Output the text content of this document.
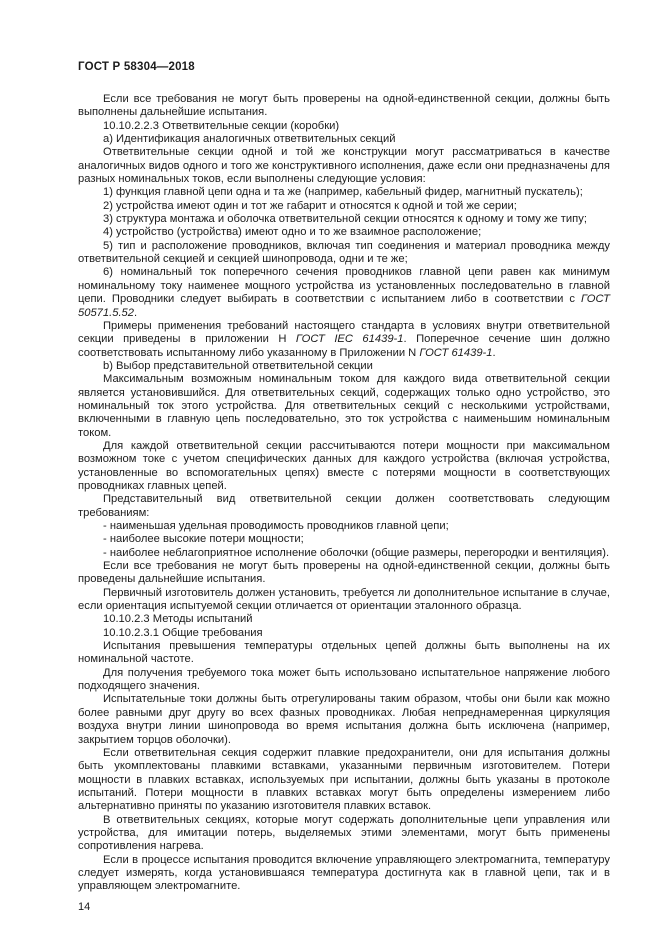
ГОСТ Р 58304—2018

Если все требования не могут быть проверены на одной-единственной секции, должны быть выполнены дальнейшие испытания.

10.10.2.2.3 Ответвительные секции (коробки)

а) Идентификация аналогичных ответвительных секций

Ответвительные секции одной и той же конструкции могут рассматриваться в качестве аналогичных видов одного и того же конструктивного исполнения, даже если они предназначены для разных номинальных токов, если выполнены следующие условия:

1) функция главной цепи одна и та же (например, кабельный фидер, магнитный пускатель);

2) устройства имеют один и тот же габарит и относятся к одной и той же серии;

3) структура монтажа и оболочка ответвительной секции относятся к одному и тому же типу;

4) устройство (устройства) имеют одно и то же взаимное расположение;

5) тип и расположение проводников, включая тип соединения и материал проводника между ответвительной секцией и секцией шинопровода, одни и те же;

6) номинальный ток поперечного сечения проводников главной цепи равен как минимум номинальному току наименее мощного устройства из установленных последовательно в главной цепи. Проводники следует выбирать в соответствии с испытанием либо в соответствии с ГОСТ 50571.5.52.

Примеры применения требований настоящего стандарта в условиях внутри ответвительной секции приведены в приложении Н ГОСТ IEC 61439-1. Поперечное сечение шин должно соответствовать испытанному либо указанному в Приложении N ГОСТ 61439-1.

b) Выбор представительной ответвительной секции

Максимальным возможным номинальным током для каждого вида ответвительной секции является установившийся. Для ответвительных секций, содержащих только одно устройство, это номинальный ток этого устройства. Для ответвительных секций с несколькими устройствами, включенными в главную цепь последовательно, это ток устройства с наименьшим номинальным током.

Для каждой ответвительной секции рассчитываются потери мощности при максимальном возможном токе с учетом специфических данных для каждого устройства (включая устройства, установленные во вспомогательных цепях) вместе с потерями мощности в соответствующих проводниках главных цепей.

Представительный вид ответвительной секции должен соответствовать следующим требованиям:

- наименьшая удельная проводимость проводников главной цепи;

- наиболее высокие потери мощности;

- наиболее неблагоприятное исполнение оболочки (общие размеры, перегородки и вентиляция).

Если все требования не могут быть проверены на одной-единственной секции, должны быть проведены дальнейшие испытания.

Первичный изготовитель должен установить, требуется ли дополнительное испытание в случае, если ориентация испытуемой секции отличается от ориентации эталонного образца.

10.10.2.3 Методы испытаний

10.10.2.3.1 Общие требования

Испытания превышения температуры отдельных цепей должны быть выполнены на их номинальной частоте.

Для получения требуемого тока может быть использовано испытательное напряжение любого подходящего значения.

Испытательные токи должны быть отрегулированы таким образом, чтобы они были как можно более равными друг другу во всех фазных проводниках. Любая непреднамеренная циркуляция воздуха внутри линии шинопровода во время испытания должна быть исключена (например, закрытием торцов оболочки).

Если ответвительная секция содержит плавкие предохранители, они для испытания должны быть укомплектованы плавкими вставками, указанными первичным изготовителем. Потери мощности в плавких вставках, используемых при испытании, должны быть указаны в протоколе испытаний. Потери мощности в плавких вставках могут быть определены измерением либо альтернативно приняты по указанию изготовителя плавких вставок.

В ответвительных секциях, которые могут содержать дополнительные цепи управления или устройства, для имитации потерь, выделяемых этими элементами, могут быть применены сопротивления нагрева.

Если в процессе испытания проводится включение управляющего электромагнита, температуру следует измерять, когда установившаяся температура достигнута как в главной цепи, так и в управляющем электромагните.

14
